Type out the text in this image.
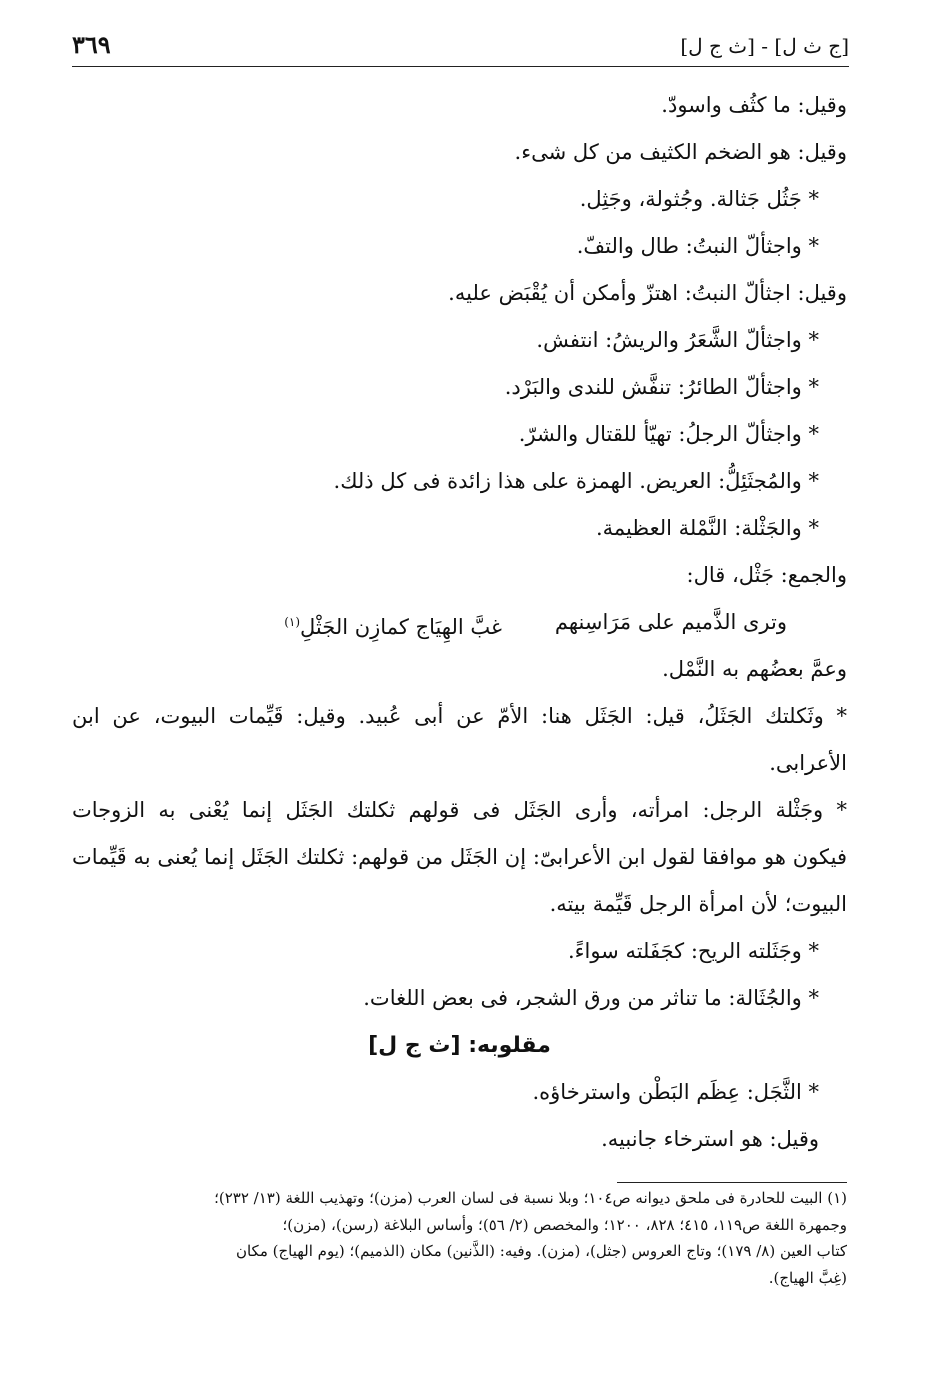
[ج ث ل] - [ث ج ل]
٣٦٩
وقيل: ما كثُف واسودّ.
وقيل: هو الضخم الكثيف من كل شىء.
* جَثُل جَثالة. وجُثولة، وجَثِل.
* واجثألّ النبتُ: طال والتفّ.
وقيل: اجثألّ النبتُ: اهتزّ وأمكن أن يُقْبَض عليه.
* واجثألّ الشَّعَرُ والريشُ: انتفش.
* واجثألّ الطائرُ: تنفَّش للندى والبَرْد.
* واجثألّ الرجلُ: تهيّأ للقتال والشرّ.
* والمُجثَئِلُّ: العريض. الهمزة على هذا زائدة فى كل ذلك.
* والجَثْلة: النَّمْلة العظيمة.
والجمع: جَثْل، قال:
وترى الذَّميم على مَرَاسِنهم
غبَّ الهِيَاج كمازِن الجَثْلِ$^{(١)}$
وعمَّ بعضُهم به النَّمْل.
* وثَكلتك الجَثَلُ، قيل: الجَثَل هنا: الأمّ عن أبى عُبيد. وقيل: قَيِّمات البيوت، عن ابن
الأعرابى.
* وجَثْلة الرجل: امرأته، وأرى الجَثَل فى قولهم ثكلتك الجَثَل إنما يُعْنى به الزوجات
فيكون هو موافقا لقول ابن الأعرابىّ: إن الجَثَل من قولهم: ثكلتك الجَثَل إنما يُعنى به قَيِّمات
البيوت؛ لأن امرأة الرجل قَيِّمة بيته.
* وجَثَلته الريح: كجَفَلته سواءً.
* والجُثَالة: ما تناثر من ورق الشجر، فى بعض اللغات.
مقلوبه: [ث ج ل]
* الثَّجَل: عِظَم البَطْن واسترخاؤه.
وقيل: هو استرخاء جانبيه.
(١) البيت للحادرة فى ملحق ديوانه ص١٠٤؛ وبلا نسبة فى لسان العرب (مزن)؛ وتهذيب اللغة (١٣/ ٢٣٢)؛
وجمهرة اللغة ص١١٩، ٤١٥؛ ٨٢٨، ١٢٠٠؛ والمخصص (٢/ ٥٦)؛ وأساس البلاغة (رسن)، (مزن)؛
كتاب العين (٨/ ١٧٩)؛ وتاج العروس (جثل)، (مزن). وفيه: (الذَّنين) مكان (الذميم)؛ (يوم الهياج) مكان
(غِبَّ الهياج).
